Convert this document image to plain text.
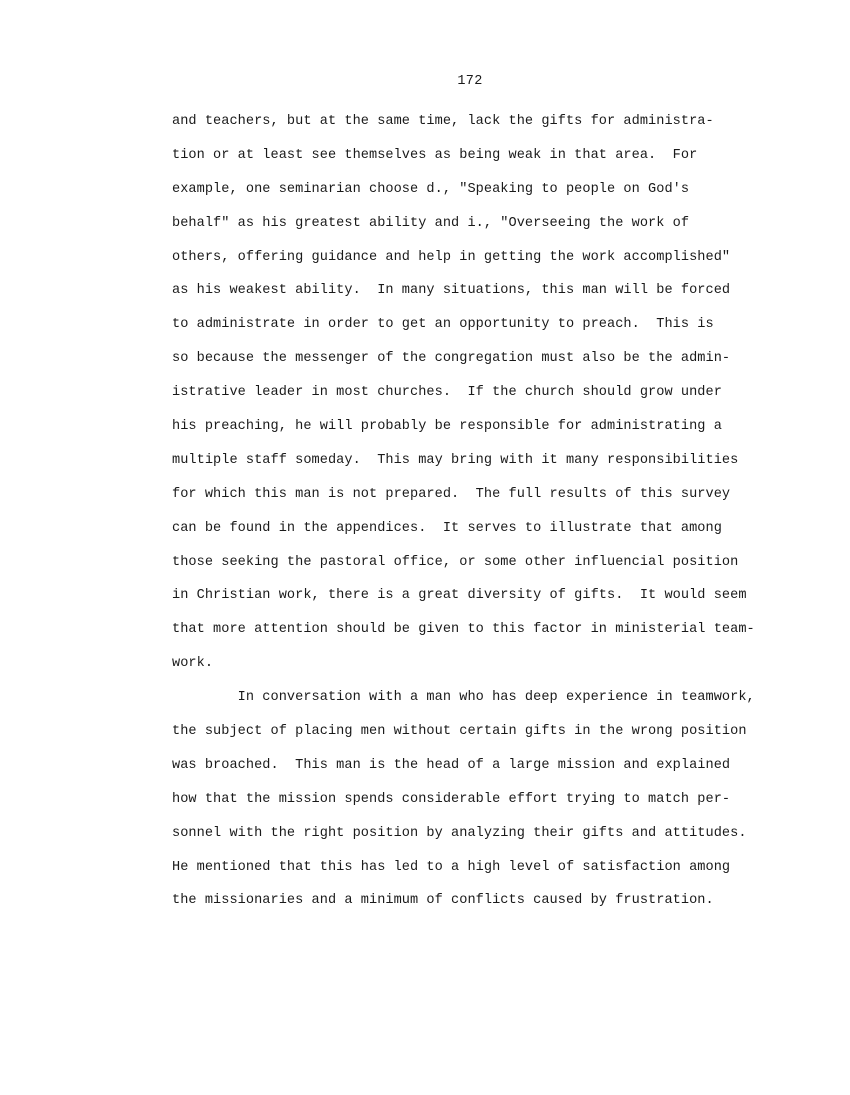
172
and teachers, but at the same time, lack the gifts for administra-
tion or at least see themselves as being weak in that area.  For
example, one seminarian choose d., "Speaking to people on God's
behalf" as his greatest ability and i., "Overseeing the work of
others, offering guidance and help in getting the work accomplished"
as his weakest ability.  In many situations, this man will be forced
to administrate in order to get an opportunity to preach.  This is
so because the messenger of the congregation must also be the admin-
istrative leader in most churches.  If the church should grow under
his preaching, he will probably be responsible for administrating a
multiple staff someday.  This may bring with it many responsibilities
for which this man is not prepared.  The full results of this survey
can be found in the appendices.  It serves to illustrate that among
those seeking the pastoral office, or some other influencial position
in Christian work, there is a great diversity of gifts.  It would seem
that more attention should be given to this factor in ministerial team-
work.
In conversation with a man who has deep experience in teamwork,
the subject of placing men without certain gifts in the wrong position
was broached.  This man is the head of a large mission and explained
how that the mission spends considerable effort trying to match per-
sonnel with the right position by analyzing their gifts and attitudes.
He mentioned that this has led to a high level of satisfaction among
the missionaries and a minimum of conflicts caused by frustration.
